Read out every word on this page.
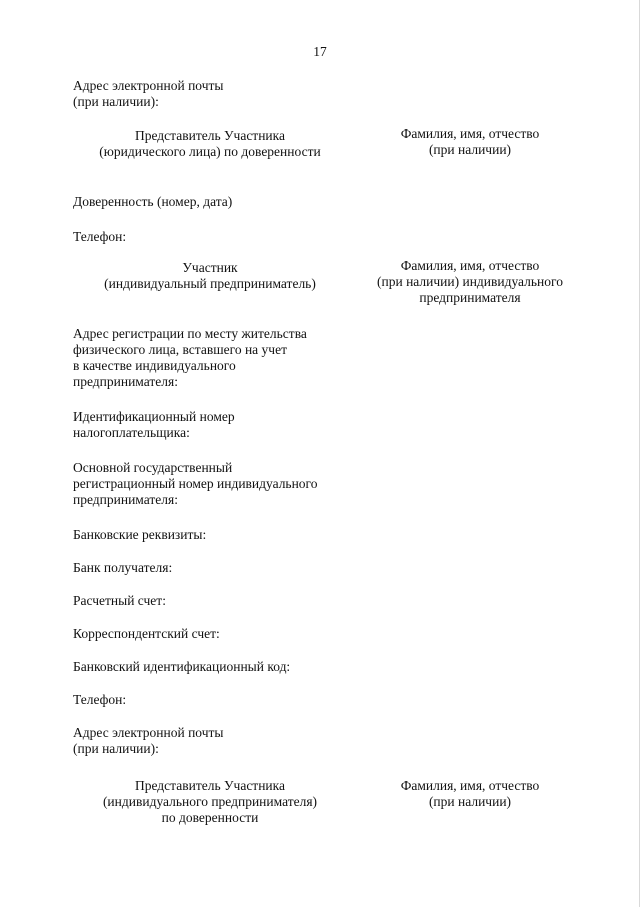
17
Адрес электронной почты
(при наличии):
Представитель Участника
(юридического лица) по доверенности
Фамилия, имя, отчество
(при наличии)
Доверенность (номер, дата)
Телефон:
Участник
(индивидуальный предприниматель)
Фамилия, имя, отчество
(при наличии) индивидуального
предпринимателя
Адрес регистрации по месту жительства
физического лица, вставшего на учет
в качестве индивидуального
предпринимателя:
Идентификационный номер
налогоплательщика:
Основной государственный
регистрационный номер индивидуального
предпринимателя:
Банковские реквизиты:
Банк получателя:
Расчетный счет:
Корреспондентский счет:
Банковский идентификационный код:
Телефон:
Адрес электронной почты
(при наличии):
Представитель Участника
(индивидуального предпринимателя)
по доверенности
Фамилия, имя, отчество
(при наличии)
